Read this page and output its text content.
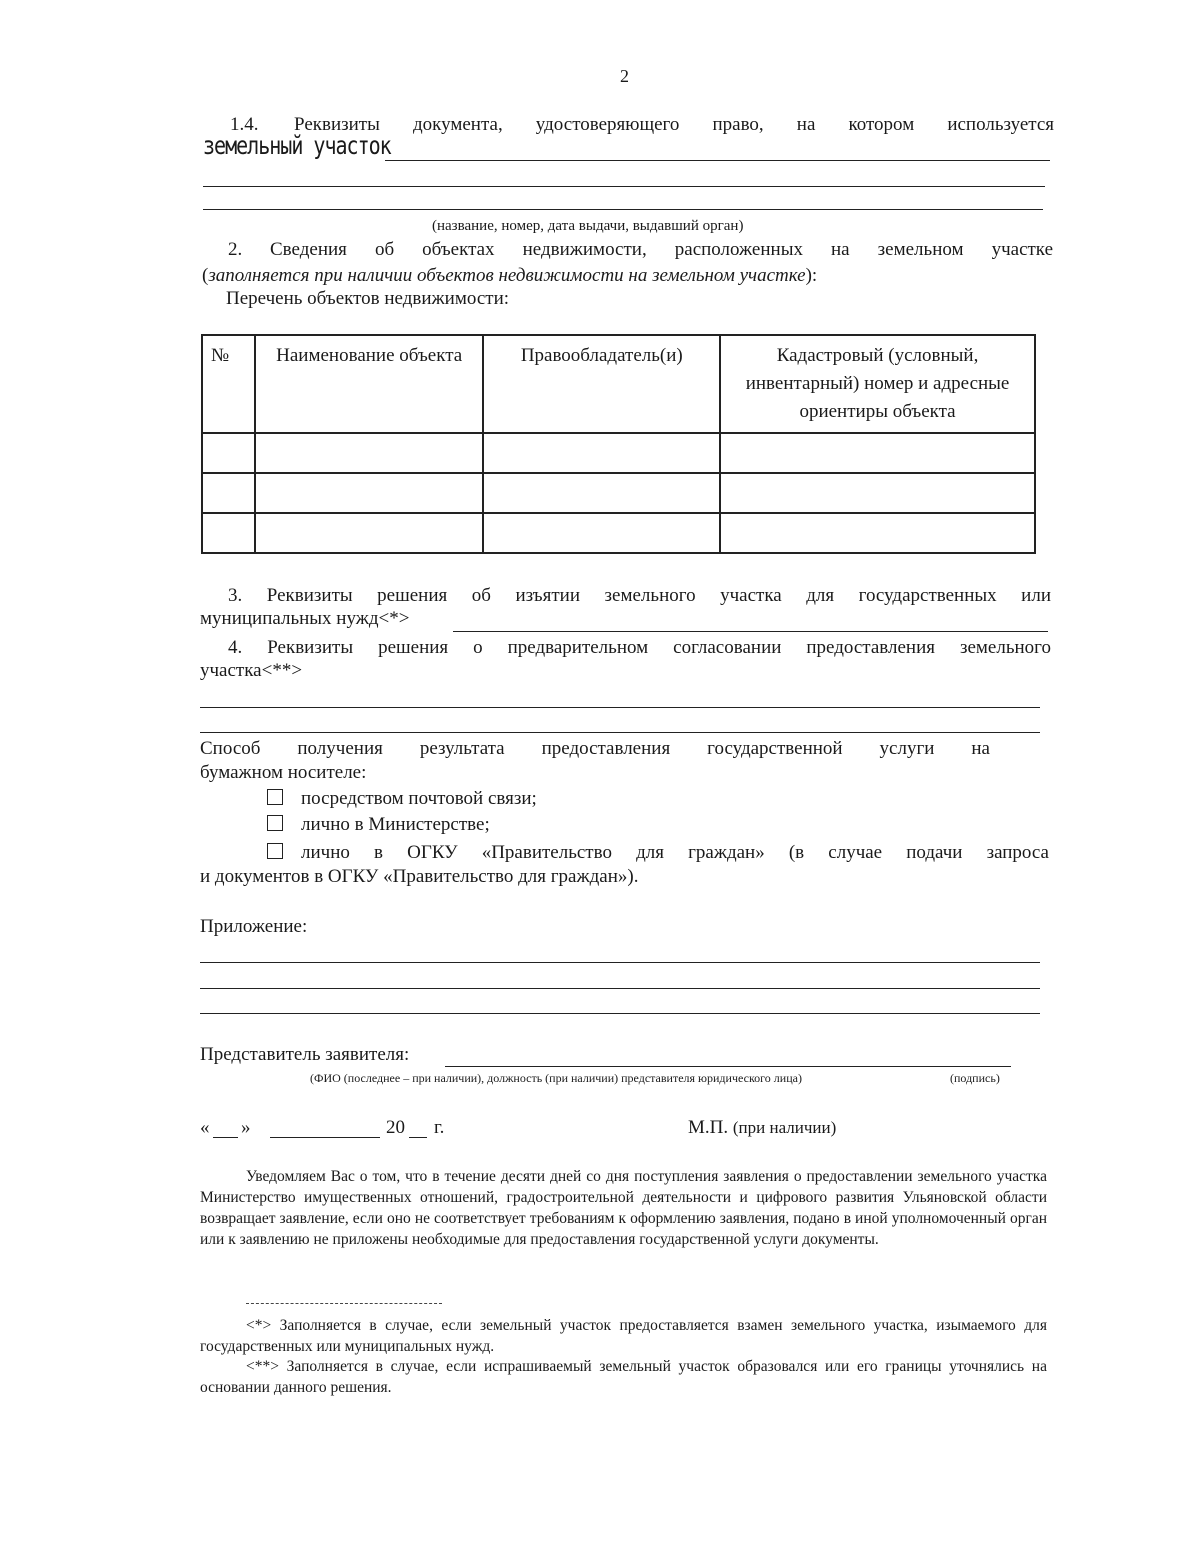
2
1.4. Реквизиты документа, удостоверяющего право, на котором используется
земельный участок
(название, номер, дата выдачи, выдавший орган)
2. Сведения об объектах недвижимости, расположенных на земельном участке
(заполняется при наличии объектов недвижимости на земельном участке):
Перечень объектов недвижимости:
№	Наименование объекта	Правообладатель(и)	Кадастровый (условный, инвентарный) номер и адресные ориентиры объекта

3. Реквизиты решения об изъятии земельного участка для государственных или
муниципальных нужд<*>
4. Реквизиты решения о предварительном согласовании предоставления земельного
участка<**>
Способ получения результата предоставления государственной услуги на
бумажном носителе:
посредством почтовой связи;
лично в Министерстве;
лично в ОГКУ «Правительство для граждан» (в случае подачи запроса
и документов в ОГКУ «Правительство для граждан»).
Приложение:
Представитель заявителя:
(ФИО (последнее – при наличии), должность (при наличии) представителя юридического лица)	(подпись)
« »	20 г.	М.П. (при наличии)
Уведомляем Вас о том, что в течение десяти дней со дня поступления заявления о предоставлении земельного участка Министерство имущественных отношений, градостроительной деятельности и цифрового развития Ульяновской области возвращает заявление, если оно не соответствует требованиям к оформлению заявления, подано в иной уполномоченный орган или к заявлению не приложены необходимые для предоставления государственной услуги документы.
<*> Заполняется в случае, если земельный участок предоставляется взамен земельного участка, изымаемого для государственных или муниципальных нужд.
<**> Заполняется в случае, если испрашиваемый земельный участок образовался или его границы уточнялись на основании данного решения.
